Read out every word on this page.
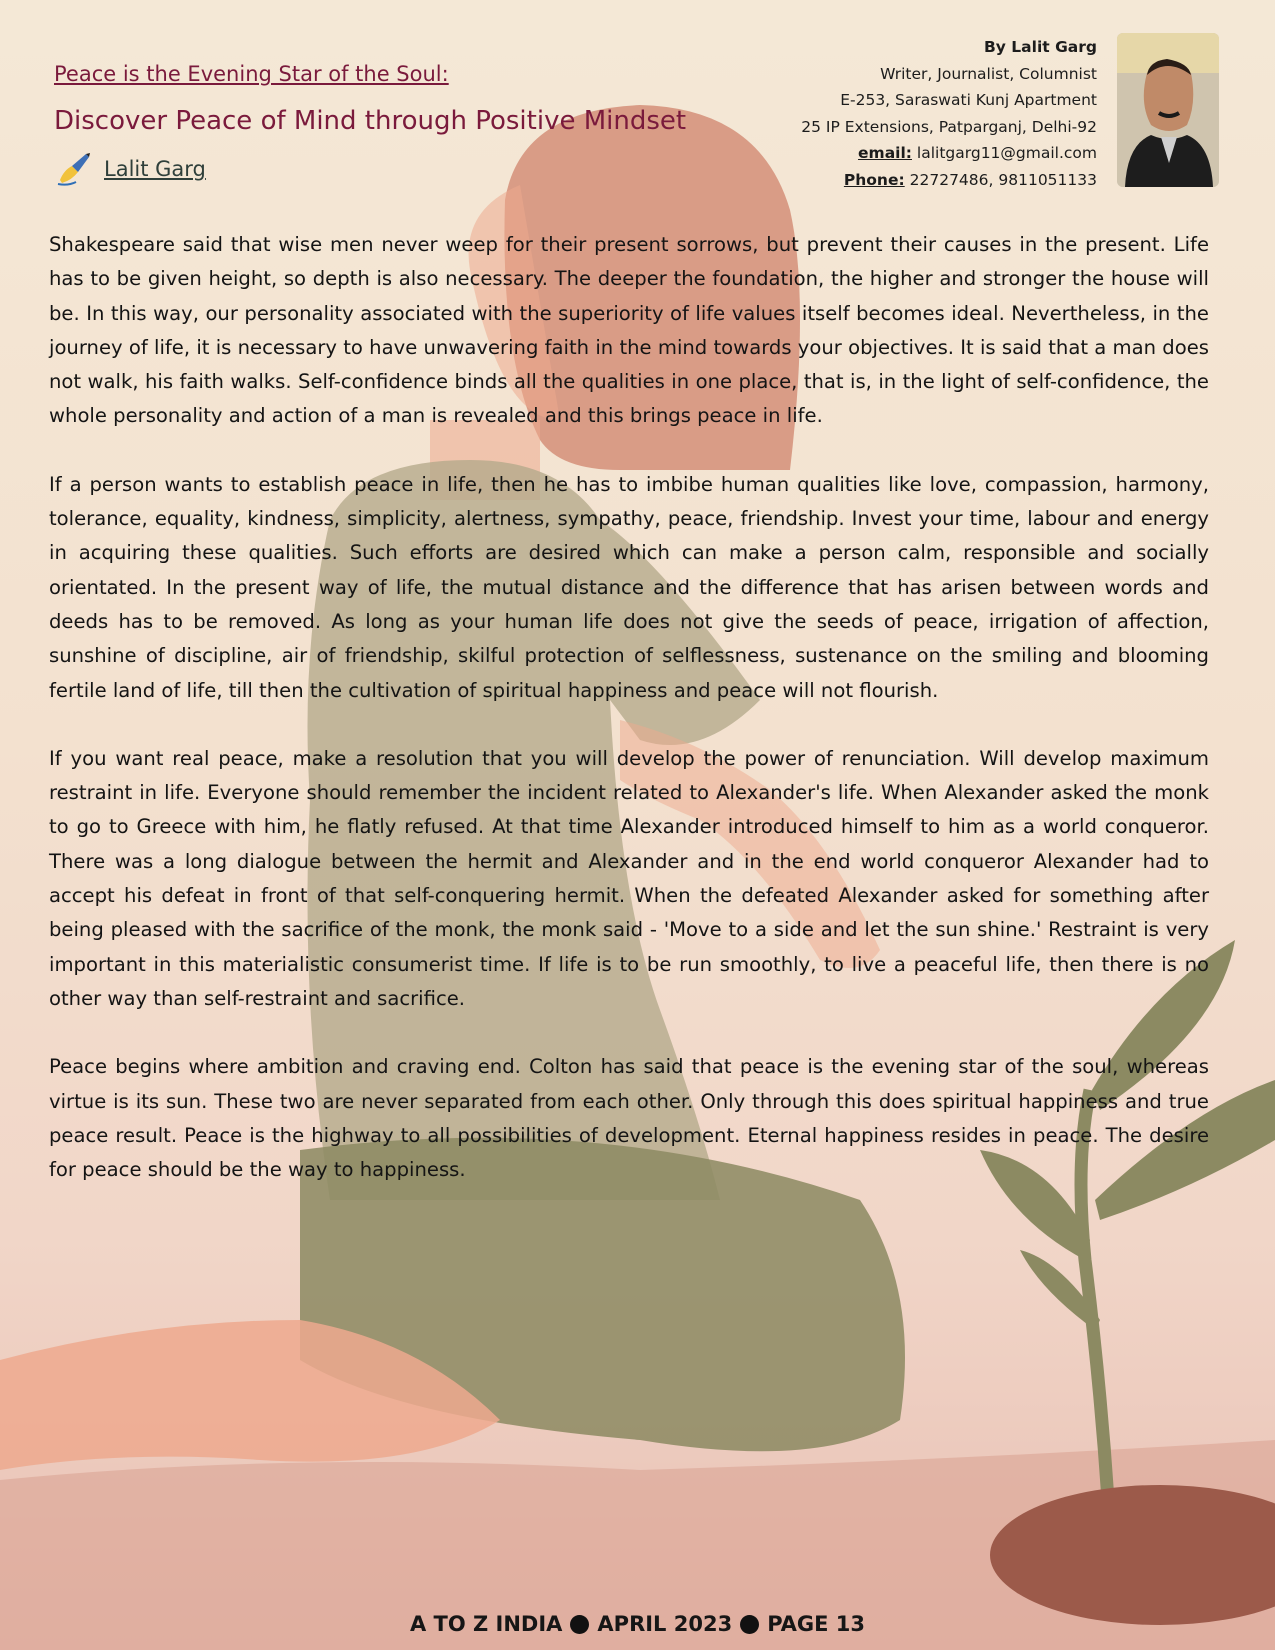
Peace is the Evening Star of the Soul:
Discover Peace of Mind through Positive Mindset
Lalit Garg
By Lalit Garg
Writer, Journalist, Columnist
E-253, Saraswati Kunj Apartment
25 IP Extensions, Patparganj, Delhi-92
email: lalitgarg11@gmail.com
Phone: 22727486, 9811051133

Shakespeare said that wise men never weep for their present sorrows, but prevent their causes in the present. Life has to be given height, so depth is also necessary. The deeper the foundation, the higher and stronger the house will be. In this way, our personality associated with the superiority of life values itself becomes ideal. Nevertheless, in the journey of life, it is necessary to have unwavering faith in the mind towards your objectives. It is said that a man does not walk, his faith walks. Self-confidence binds all the qualities in one place, that is, in the light of self-confidence, the whole personality and action of a man is revealed and this brings peace in life.

If a person wants to establish peace in life, then he has to imbibe human qualities like love, compassion, harmony, tolerance, equality, kindness, simplicity, alertness, sympathy, peace, friendship. Invest your time, labour and energy in acquiring these qualities. Such efforts are desired which can make a person calm, responsible and socially orientated. In the present way of life, the mutual distance and the difference that has arisen between words and deeds has to be removed. As long as your human life does not give the seeds of peace, irrigation of affection, sunshine of discipline, air of friendship, skilful protection of selflessness, sustenance on the smiling and blooming fertile land of life, till then the cultivation of spiritual happiness and peace will not flourish.

If you want real peace, make a resolution that you will develop the power of renunciation. Will develop maximum restraint in life. Everyone should remember the incident related to Alexander's life. When Alexander asked the monk to go to Greece with him, he flatly refused. At that time Alexander introduced himself to him as a world conqueror. There was a long dialogue between the hermit and Alexander and in the end world conqueror Alexander had to accept his defeat in front of that self-conquering hermit. When the defeated Alexander asked for something after being pleased with the sacrifice of the monk, the monk said - 'Move to a side and let the sun shine.' Restraint is very important in this materialistic consumerist time. If life is to be run smoothly, to live a peaceful life, then there is no other way than self-restraint and sacrifice.

Peace begins where ambition and craving end. Colton has said that peace is the evening star of the soul, whereas virtue is its sun. These two are never separated from each other. Only through this does spiritual happiness and true peace result. Peace is the highway to all possibilities of development. Eternal happiness resides in peace. The desire for peace should be the way to happiness.

A TO Z INDIA APRIL 2023 PAGE 13
